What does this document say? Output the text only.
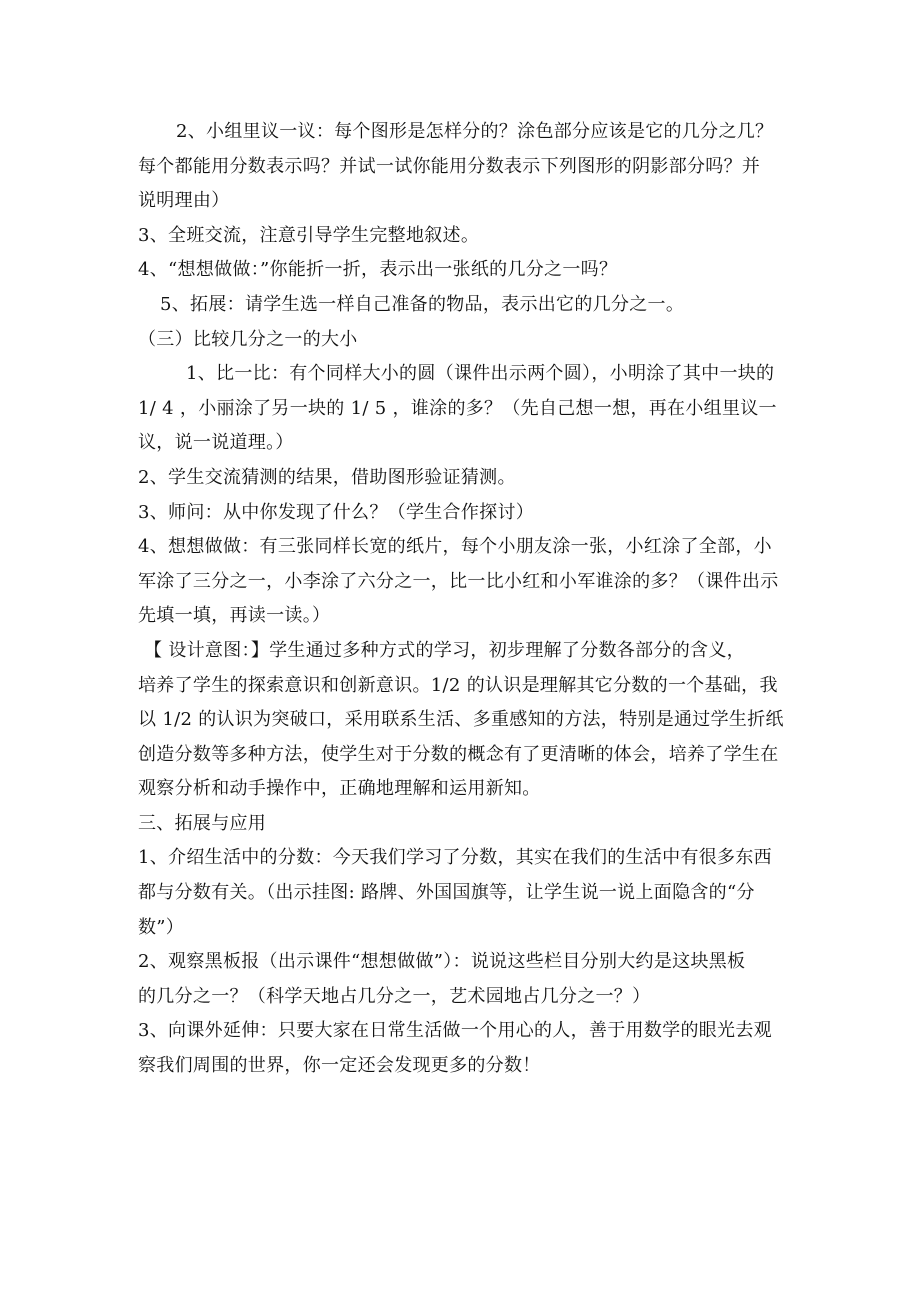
2、小组里议一议：每个图形是怎样分的？涂色部分应该是它的几分之几？
每个都能用分数表示吗？并试一试你能用分数表示下列图形的阴影部分吗？并
说明理由）
3、全班交流，注意引导学生完整地叙述。
4、“想想做做：”你能折一折，表示出一张纸的几分之一吗？
5、拓展：请学生选一样自己准备的物品，表示出它的几分之一。
（三）比较几分之一的大小
1、比一比：有个同样大小的圆（课件出示两个圆），小明涂了其中一块的
1/ 4 ，小丽涂了另一块的 1/ 5 ，谁涂的多？（先自己想一想，再在小组里议一
议，说一说道理。）
2、学生交流猜测的结果，借助图形验证猜测。
3、师问：从中你发现了什么？（学生合作探讨）
4、想想做做：有三张同样长宽的纸片，每个小朋友涂一张，小红涂了全部，小
军涂了三分之一，小李涂了六分之一，比一比小红和小军谁涂的多？（课件出示
先填一填，再读一读。）
【 设计意图：】学生通过多种方式的学习，初步理解了分数各部分的含义，
培养了学生的探索意识和创新意识。1/2 的认识是理解其它分数的一个基础，我
以 1/2 的认识为突破口，采用联系生活、多重感知的方法，特别是通过学生折纸
创造分数等多种方法，使学生对于分数的概念有了更清晰的体会，培养了学生在
观察分析和动手操作中，正确地理解和运用新知。
三、拓展与应用
1、介绍生活中的分数：今天我们学习了分数，其实在我们的生活中有很多东西
都与分数有关。（出示挂图: 路牌、外国国旗等，让学生说一说上面隐含的“分
数”）
2、观察黑板报（出示课件“想想做做”）：说说这些栏目分别大约是这块黑板
的几分之一？（科学天地占几分之一，艺术园地占几分之一？）
3、向课外延伸：只要大家在日常生活做一个用心的人，善于用数学的眼光去观
察我们周围的世界，你一定还会发现更多的分数！
